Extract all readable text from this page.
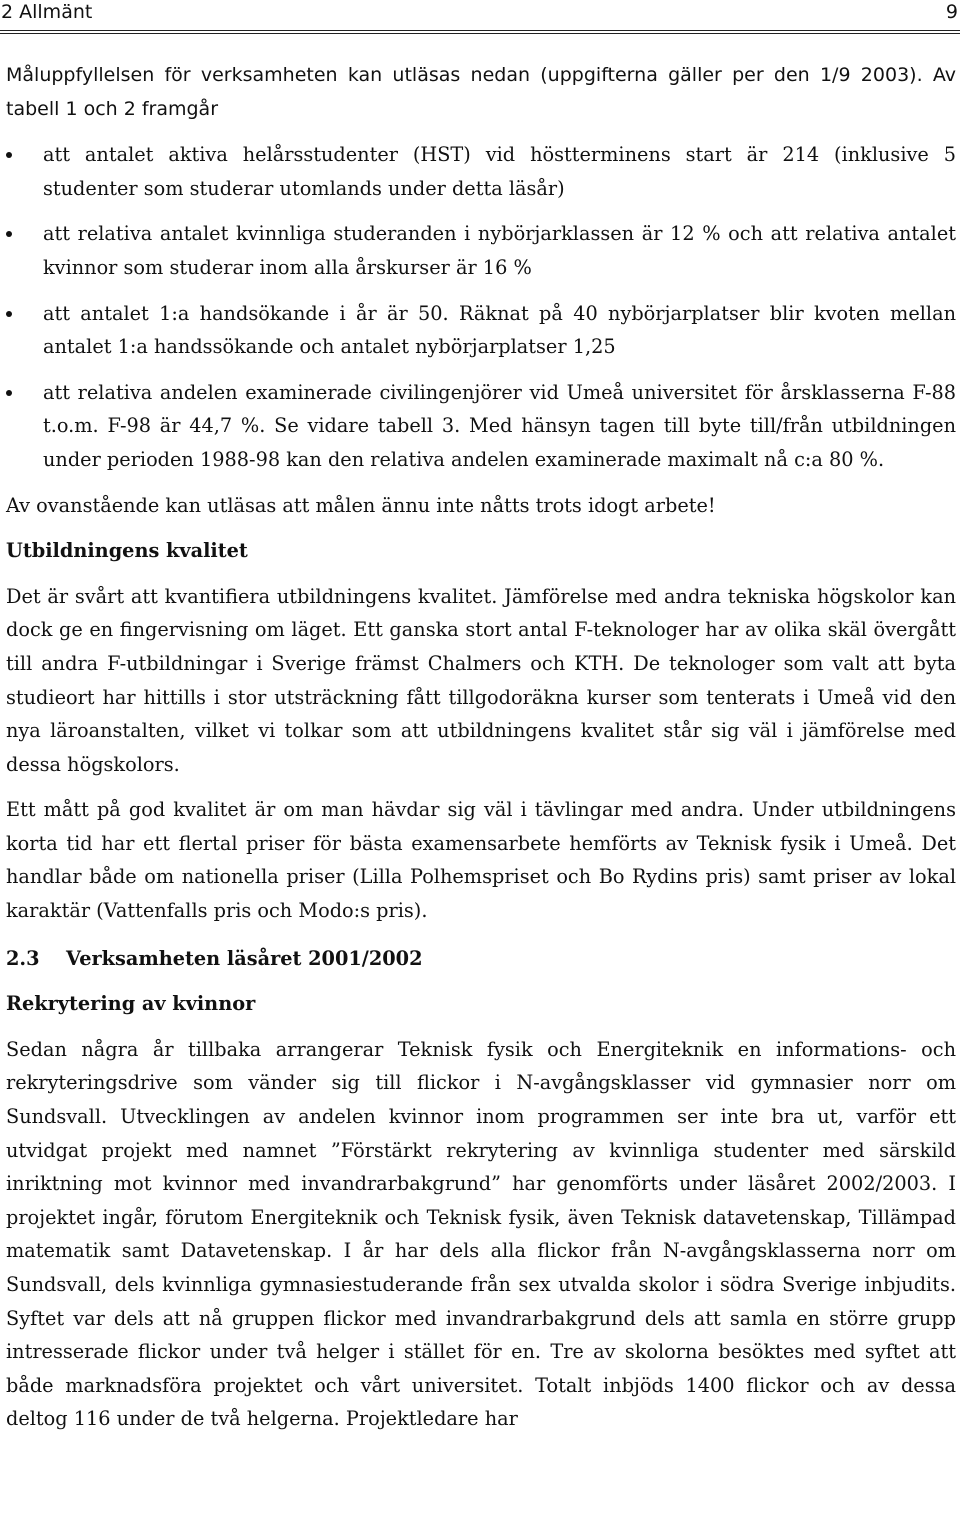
2 Allmänt	9

Måluppfyllelsen för verksamheten kan utläsas nedan (uppgifterna gäller per den 1/9 2003). Av tabell 1 och 2 framgår

att antalet aktiva helårsstudenter (HST) vid höstterminens start är 214 (inklusive 5 studenter som studerar utomlands under detta läsår)
att relativa antalet kvinnliga studeranden i nybörjarklassen är 12 % och att relativa antalet kvinnor som studerar inom alla årskurser är 16 %
att antalet 1:a handsökande i år är 50. Räknat på 40 nybörjarplatser blir kvoten mellan antalet 1:a handssökande och antalet nybörjarplatser 1,25
att relativa andelen examinerade civilingenjörer vid Umeå universitet för årsklasserna F-88 t.o.m. F-98 är 44,7 %. Se vidare tabell 3. Med hänsyn tagen till byte till/från utbildningen under perioden 1988-98 kan den relativa andelen examinerade maximalt nå c:a 80 %.

Av ovanstående kan utläsas att målen ännu inte nåtts trots idogt arbete!

Utbildningens kvalitet

Det är svårt att kvantifiera utbildningens kvalitet. Jämförelse med andra tekniska högskolor kan dock ge en fingervisning om läget. Ett ganska stort antal F-teknologer har av olika skäl övergått till andra F-utbildningar i Sverige främst Chalmers och KTH. De teknologer som valt att byta studieort har hittills i stor utsträckning fått tillgodoräkna kurser som tenterats i Umeå vid den nya läroanstalten, vilket vi tolkar som att utbildningens kvalitet står sig väl i jämförelse med dessa högskolors.

Ett mått på god kvalitet är om man hävdar sig väl i tävlingar med andra. Under utbildningens korta tid har ett flertal priser för bästa examensarbete hemförts av Teknisk fysik i Umeå. Det handlar både om nationella priser (Lilla Polhemspriset och Bo Rydins pris) samt priser av lokal karaktär (Vattenfalls pris och Modo:s pris).

2.3 Verksamheten läsåret 2001/2002
Rekrytering av kvinnor

Sedan några år tillbaka arrangerar Teknisk fysik och Energiteknik en informations- och rekryteringsdrive som vänder sig till flickor i N-avgångsklasser vid gymnasier norr om Sundsvall. Utvecklingen av andelen kvinnor inom programmen ser inte bra ut, varför ett utvidgat projekt med namnet ”Förstärkt rekrytering av kvinnliga studenter med särskild inriktning mot kvinnor med invandrarbakgrund” har genomförts under läsåret 2002/2003. I projektet ingår, förutom Energiteknik och Teknisk fysik, även Teknisk datavetenskap, Tillämpad matematik samt Datavetenskap. I år har dels alla flickor från N-avgångsklasserna norr om Sundsvall, dels kvinnliga gymnasiestuderande från sex utvalda skolor i södra Sverige inbjudits. Syftet var dels att nå gruppen flickor med invandrarbakgrund dels att samla en större grupp intresserade flickor under två helger i stället för en. Tre av skolorna besöktes med syftet att både marknadsföra projektet och vårt universitet. Totalt inbjöds 1400 flickor och av dessa deltog 116 under de två helgerna. Projektledare har
